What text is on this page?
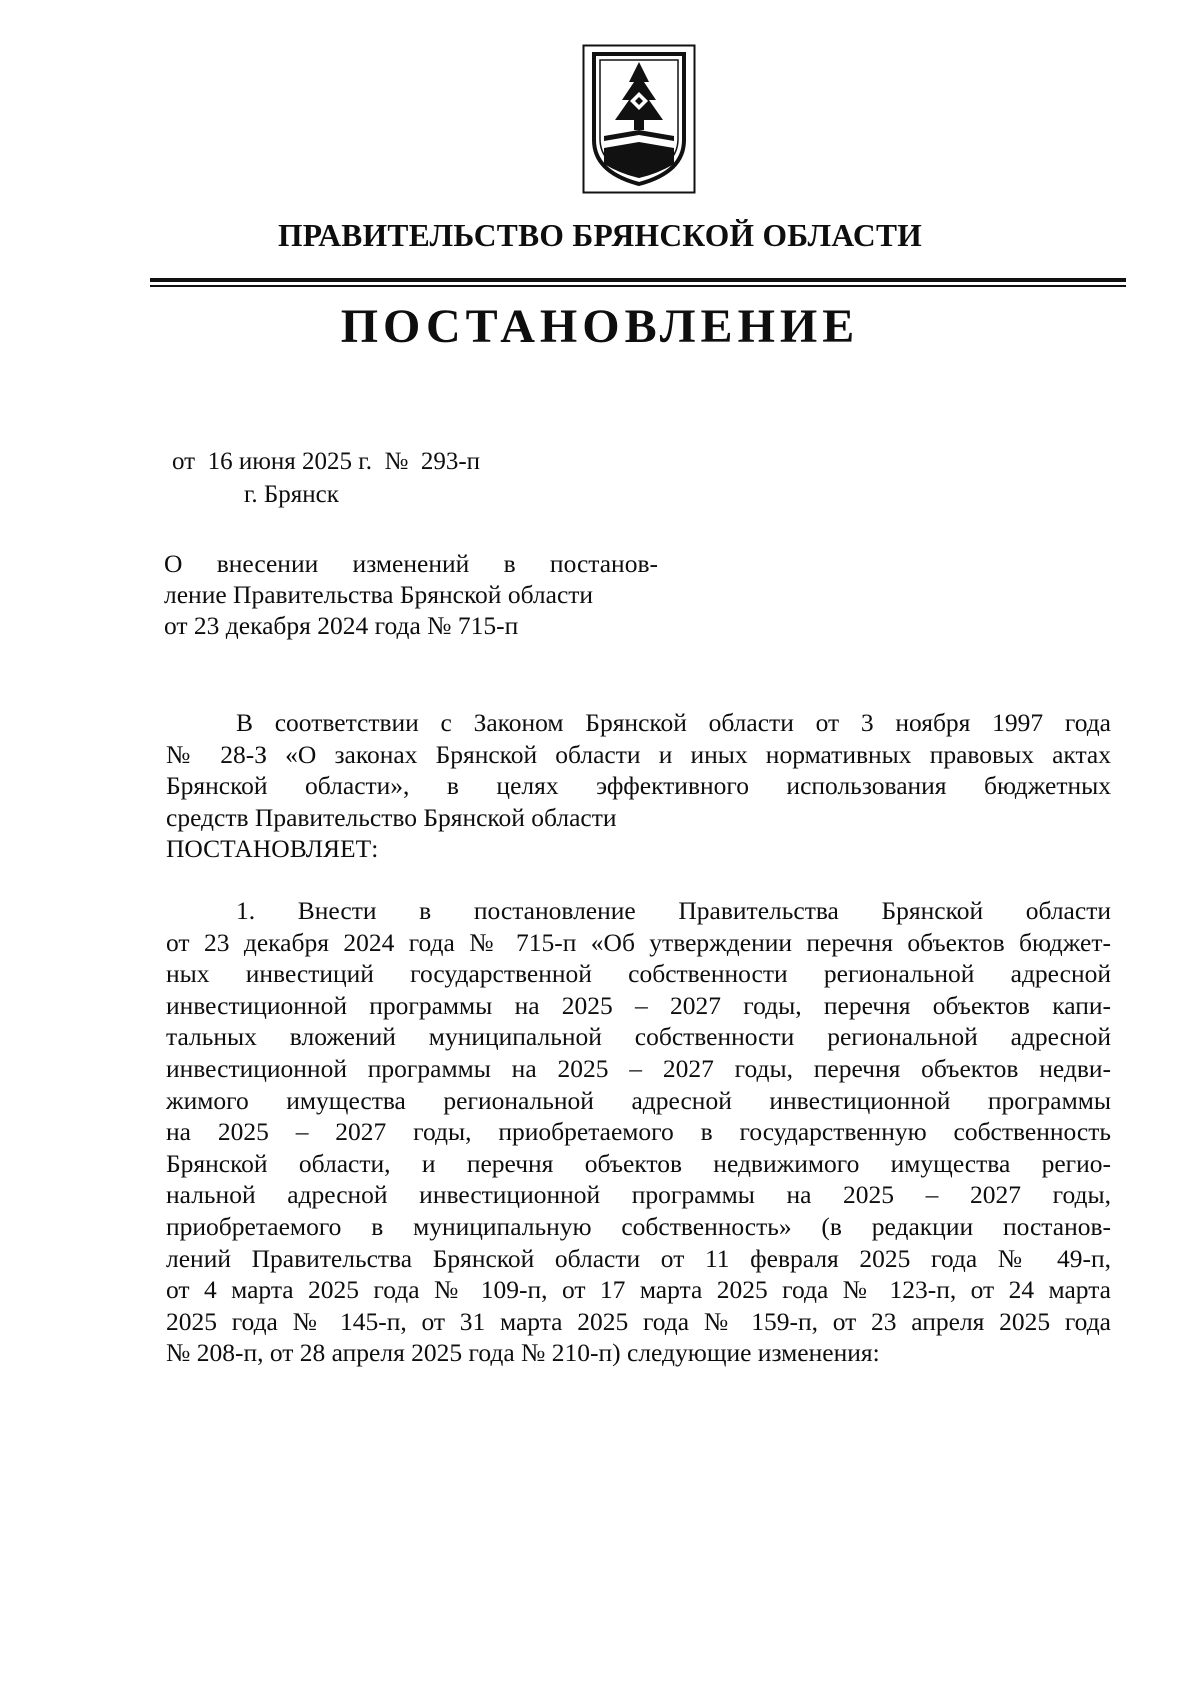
ПРАВИТЕЛЬСТВО БРЯНСКОЙ ОБЛАСТИ
ПОСТАНОВЛЕНИЕ
от  16 июня 2025 г.  №  293-п
г. Брянск
О внесении изменений в постанов-
ление Правительства Брянской области
от 23 декабря 2024 года № 715-п
В соответствии с Законом Брянской области от 3 ноября 1997 года
№ 28-З «О законах Брянской области и иных нормативных правовых актах
Брянской области», в целях эффективного использования бюджетных
средств Правительство Брянской области
ПОСТАНОВЛЯЕТ:
1. Внести в постановление Правительства Брянской области
от 23 декабря 2024 года № 715-п «Об утверждении перечня объектов бюджет-
ных инвестиций государственной собственности региональной адресной
инвестиционной программы на 2025 – 2027 годы, перечня объектов капи-
тальных вложений муниципальной собственности региональной адресной
инвестиционной программы на 2025 – 2027 годы, перечня объектов недви-
жимого имущества региональной адресной инвестиционной программы
на 2025 – 2027 годы, приобретаемого в государственную собственность
Брянской области, и перечня объектов недвижимого имущества регио-
нальной адресной инвестиционной программы на 2025 – 2027 годы,
приобретаемого в муниципальную собственность» (в редакции постанов-
лений Правительства Брянской области от 11 февраля 2025 года № 49-п,
от 4 марта 2025 года № 109-п, от 17 марта 2025 года № 123-п, от 24 марта
2025 года № 145-п, от 31 марта 2025 года № 159-п, от 23 апреля 2025 года
№ 208-п, от 28 апреля 2025 года № 210-п) следующие изменения:
